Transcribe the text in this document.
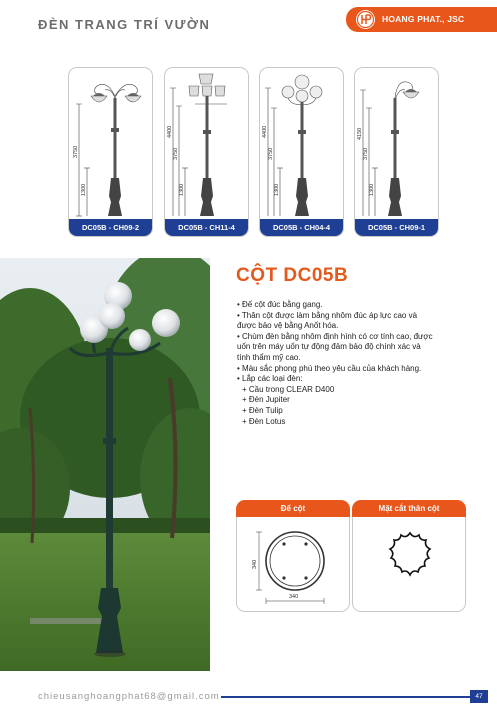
ĐÈN TRANG TRÍ VƯỜN	HOANG PHAT., JSC
3750
1300
DC05B - CH09-2
4400
3750
1300
DC05B - CH11-4
4400
3750
1300
DC05B - CH04-4
4150
3750
1300
DC05B - CH09-1
CỘT DC05B
• Đế cột đúc bằng gang.
• Thân cột được làm bằng nhôm đúc áp lực cao và
được bảo vệ bằng Anốt hóa.
• Chùm đèn bằng nhôm định hình có cơ tính cao, được
uốn trên máy uốn tự động đảm bảo độ chính xác và
tính thẩm mỹ cao.
• Màu sắc phong phú theo yêu cầu của khách hàng.
• Lắp các loại đèn:
+ Cầu trong CLEAR D400
+ Đèn Jupiter
+ Đèn Tulip
+ Đèn Lotus
Đế cột
340
340
Mặt cắt thân cột
chieusanghoangphat68@gmail.com	47
